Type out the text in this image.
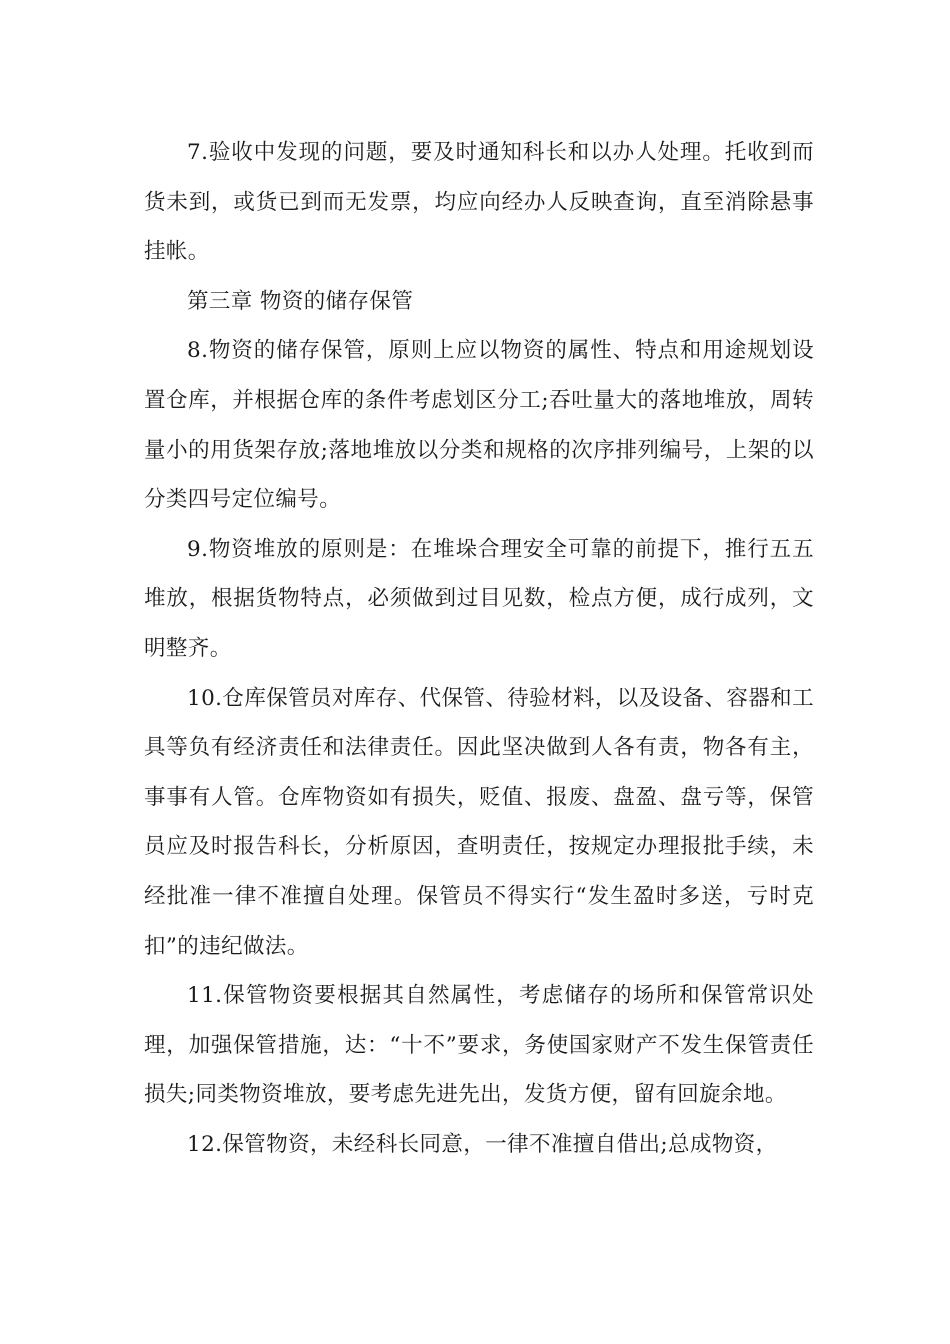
7.验收中发现的问题，要及时通知科长和以办人处理。托收到而货未到，或货已到而无发票，均应向经办人反映查询，直至消除悬事挂帐。

第三章 物资的储存保管

8.物资的储存保管，原则上应以物资的属性、特点和用途规划设置仓库，并根据仓库的条件考虑划区分工;吞吐量大的落地堆放，周转量小的用货架存放;落地堆放以分类和规格的次序排列编号，上架的以分类四号定位编号。

9.物资堆放的原则是：在堆垛合理安全可靠的前提下，推行五五堆放，根据货物特点，必须做到过目见数，检点方便，成行成列，文明整齐。

10.仓库保管员对库存、代保管、待验材料，以及设备、容器和工具等负有经济责任和法律责任。因此坚决做到人各有责，物各有主，事事有人管。仓库物资如有损失，贬值、报废、盘盈、盘亏等，保管员应及时报告科长，分析原因，查明责任，按规定办理报批手续，未经批准一律不准擅自处理。保管员不得实行“发生盈时多送，亏时克扣”的违纪做法。

11.保管物资要根据其自然属性，考虑储存的场所和保管常识处理，加强保管措施，达：“十不”要求，务使国家财产不发生保管责任损失;同类物资堆放，要考虑先进先出，发货方便，留有回旋余地。

12.保管物资，未经科长同意，一律不准擅自借出;总成物资，
